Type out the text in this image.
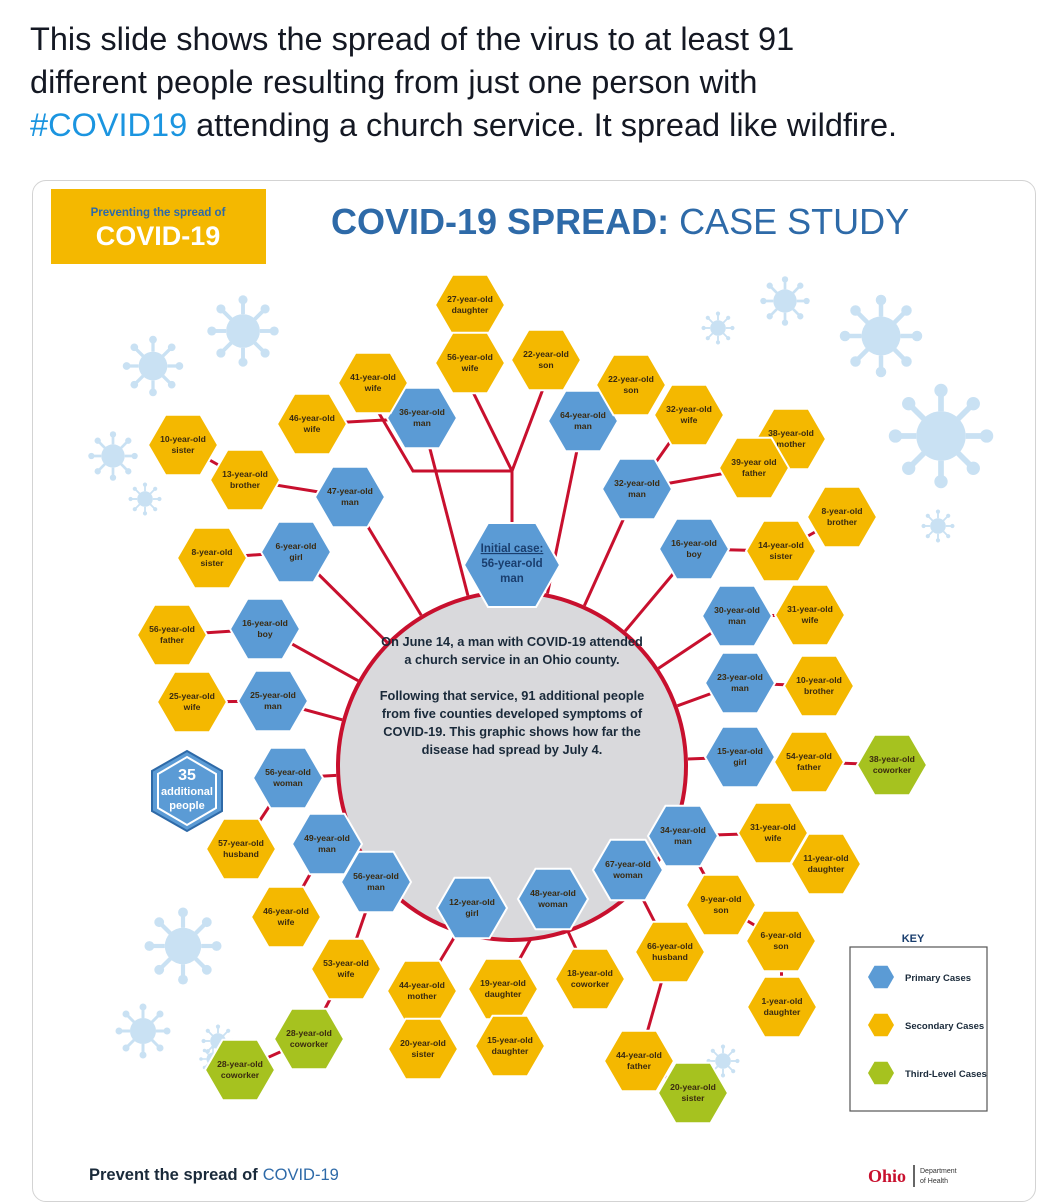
This slide shows the spread of the virus to at least 91
different people resulting from just one person with
#COVID19 attending a church service. It spread like wildfire.
Preventing the spread of
COVID-19	COVID-19 SPREAD: CASE STUDY
On June 14, a man with COVID-19 attended
a church service in an Ohio county.
Following that service, 91 additional people
from five counties developed symptoms of
COVID-19. This graphic shows how far the
disease had spread by July 4.
Initial case:
56-year-old
man
36-year-old
man
64-year-old
man
32-year-old
man
16-year-old
boy
30-year-old
man
23-year-old
man
15-year-old
girl
34-year-old
man
67-year-old
woman
48-year-old
woman
12-year-old
girl
56-year-old
man
49-year-old
man
56-year-old
woman
25-year-old
man
16-year-old
boy
6-year-old
girl
47-year-old
man
27-year-old
daughter
56-year-old
wife
22-year-old
son
22-year-old
son
41-year-old
wife
46-year-old
wife
10-year-old
sister
13-year-old
brother
32-year-old
wife
38-year-old
mother
39-year old
father
8-year-old
brother
14-year-old
sister
8-year-old
sister
56-year-old
father
31-year-old
wife
10-year-old
brother
25-year-old
wife
54-year-old
father
31-year-old
wife
11-year-old
daughter
57-year-old
husband
9-year-old
son
6-year-old
son
46-year-old
wife
66-year-old
husband
53-year-old
wife
44-year-old
mother
19-year-old
daughter
18-year-old
coworker
1-year-old
daughter
20-year-old
sister
15-year-old
daughter	44-year-old
father
38-year-old
coworker
28-year-old
coworker
28-year-old
coworker
20-year-old
sister
35
additional
people
KEY
Primary Cases
Secondary Cases
Third-Level Cases
Prevent the spread of COVID-19	Ohio Department
of Health
